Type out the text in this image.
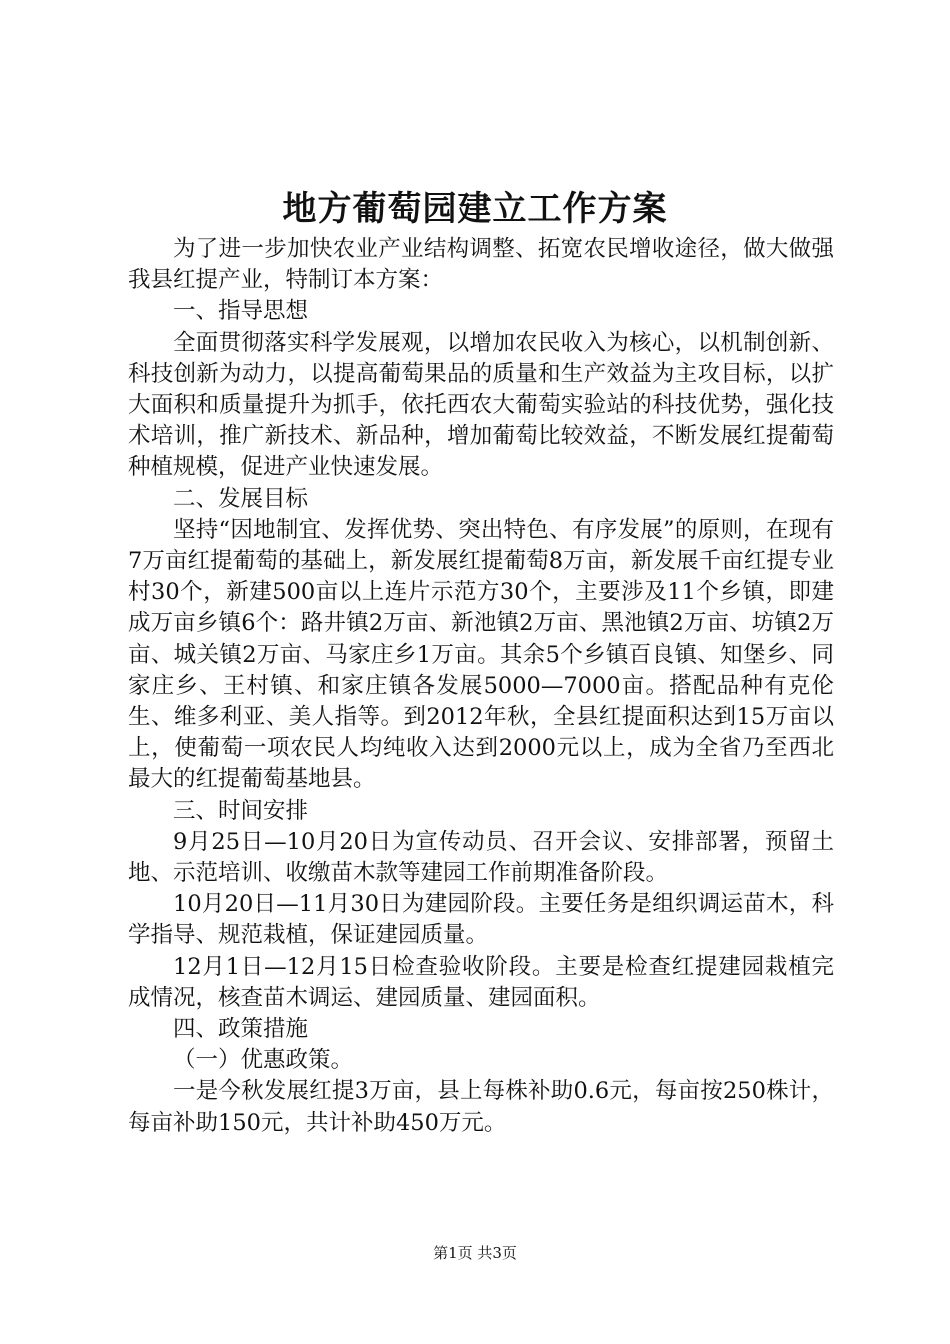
地方葡萄园建立工作方案

为了进一步加快农业产业结构调整、拓宽农民增收途径，做大做强我县红提产业，特制订本方案：

一、指导思想

全面贯彻落实科学发展观，以增加农民收入为核心，以机制创新、科技创新为动力，以提高葡萄果品的质量和生产效益为主攻目标，以扩大面积和质量提升为抓手，依托西农大葡萄实验站的科技优势，强化技术培训，推广新技术、新品种，增加葡萄比较效益，不断发展红提葡萄种植规模，促进产业快速发展。

二、发展目标

坚持“因地制宜、发挥优势、突出特色、有序发展”的原则，在现有7万亩红提葡萄的基础上，新发展红提葡萄8万亩，新发展千亩红提专业村30个，新建500亩以上连片示范方30个，主要涉及11个乡镇，即建成万亩乡镇6个：路井镇2万亩、新池镇2万亩、黑池镇2万亩、坊镇2万亩、城关镇2万亩、马家庄乡1万亩。其余5个乡镇百良镇、知堡乡、同家庄乡、王村镇、和家庄镇各发展5000—7000亩。搭配品种有克伦生、维多利亚、美人指等。到2012年秋，全县红提面积达到15万亩以上，使葡萄一项农民人均纯收入达到2000元以上，成为全省乃至西北最大的红提葡萄基地县。

三、时间安排

9月25日—10月20日为宣传动员、召开会议、安排部署，预留土地、示范培训、收缴苗木款等建园工作前期准备阶段。

10月20日—11月30日为建园阶段。主要任务是组织调运苗木，科学指导、规范栽植，保证建园质量。

12月1日—12月15日检查验收阶段。主要是检查红提建园栽植完成情况，核查苗木调运、建园质量、建园面积。

四、政策措施

（一）优惠政策。

一是今秋发展红提3万亩，县上每株补助0.6元，每亩按250株计，每亩补助150元，共计补助450万元。

第1页 共3页
